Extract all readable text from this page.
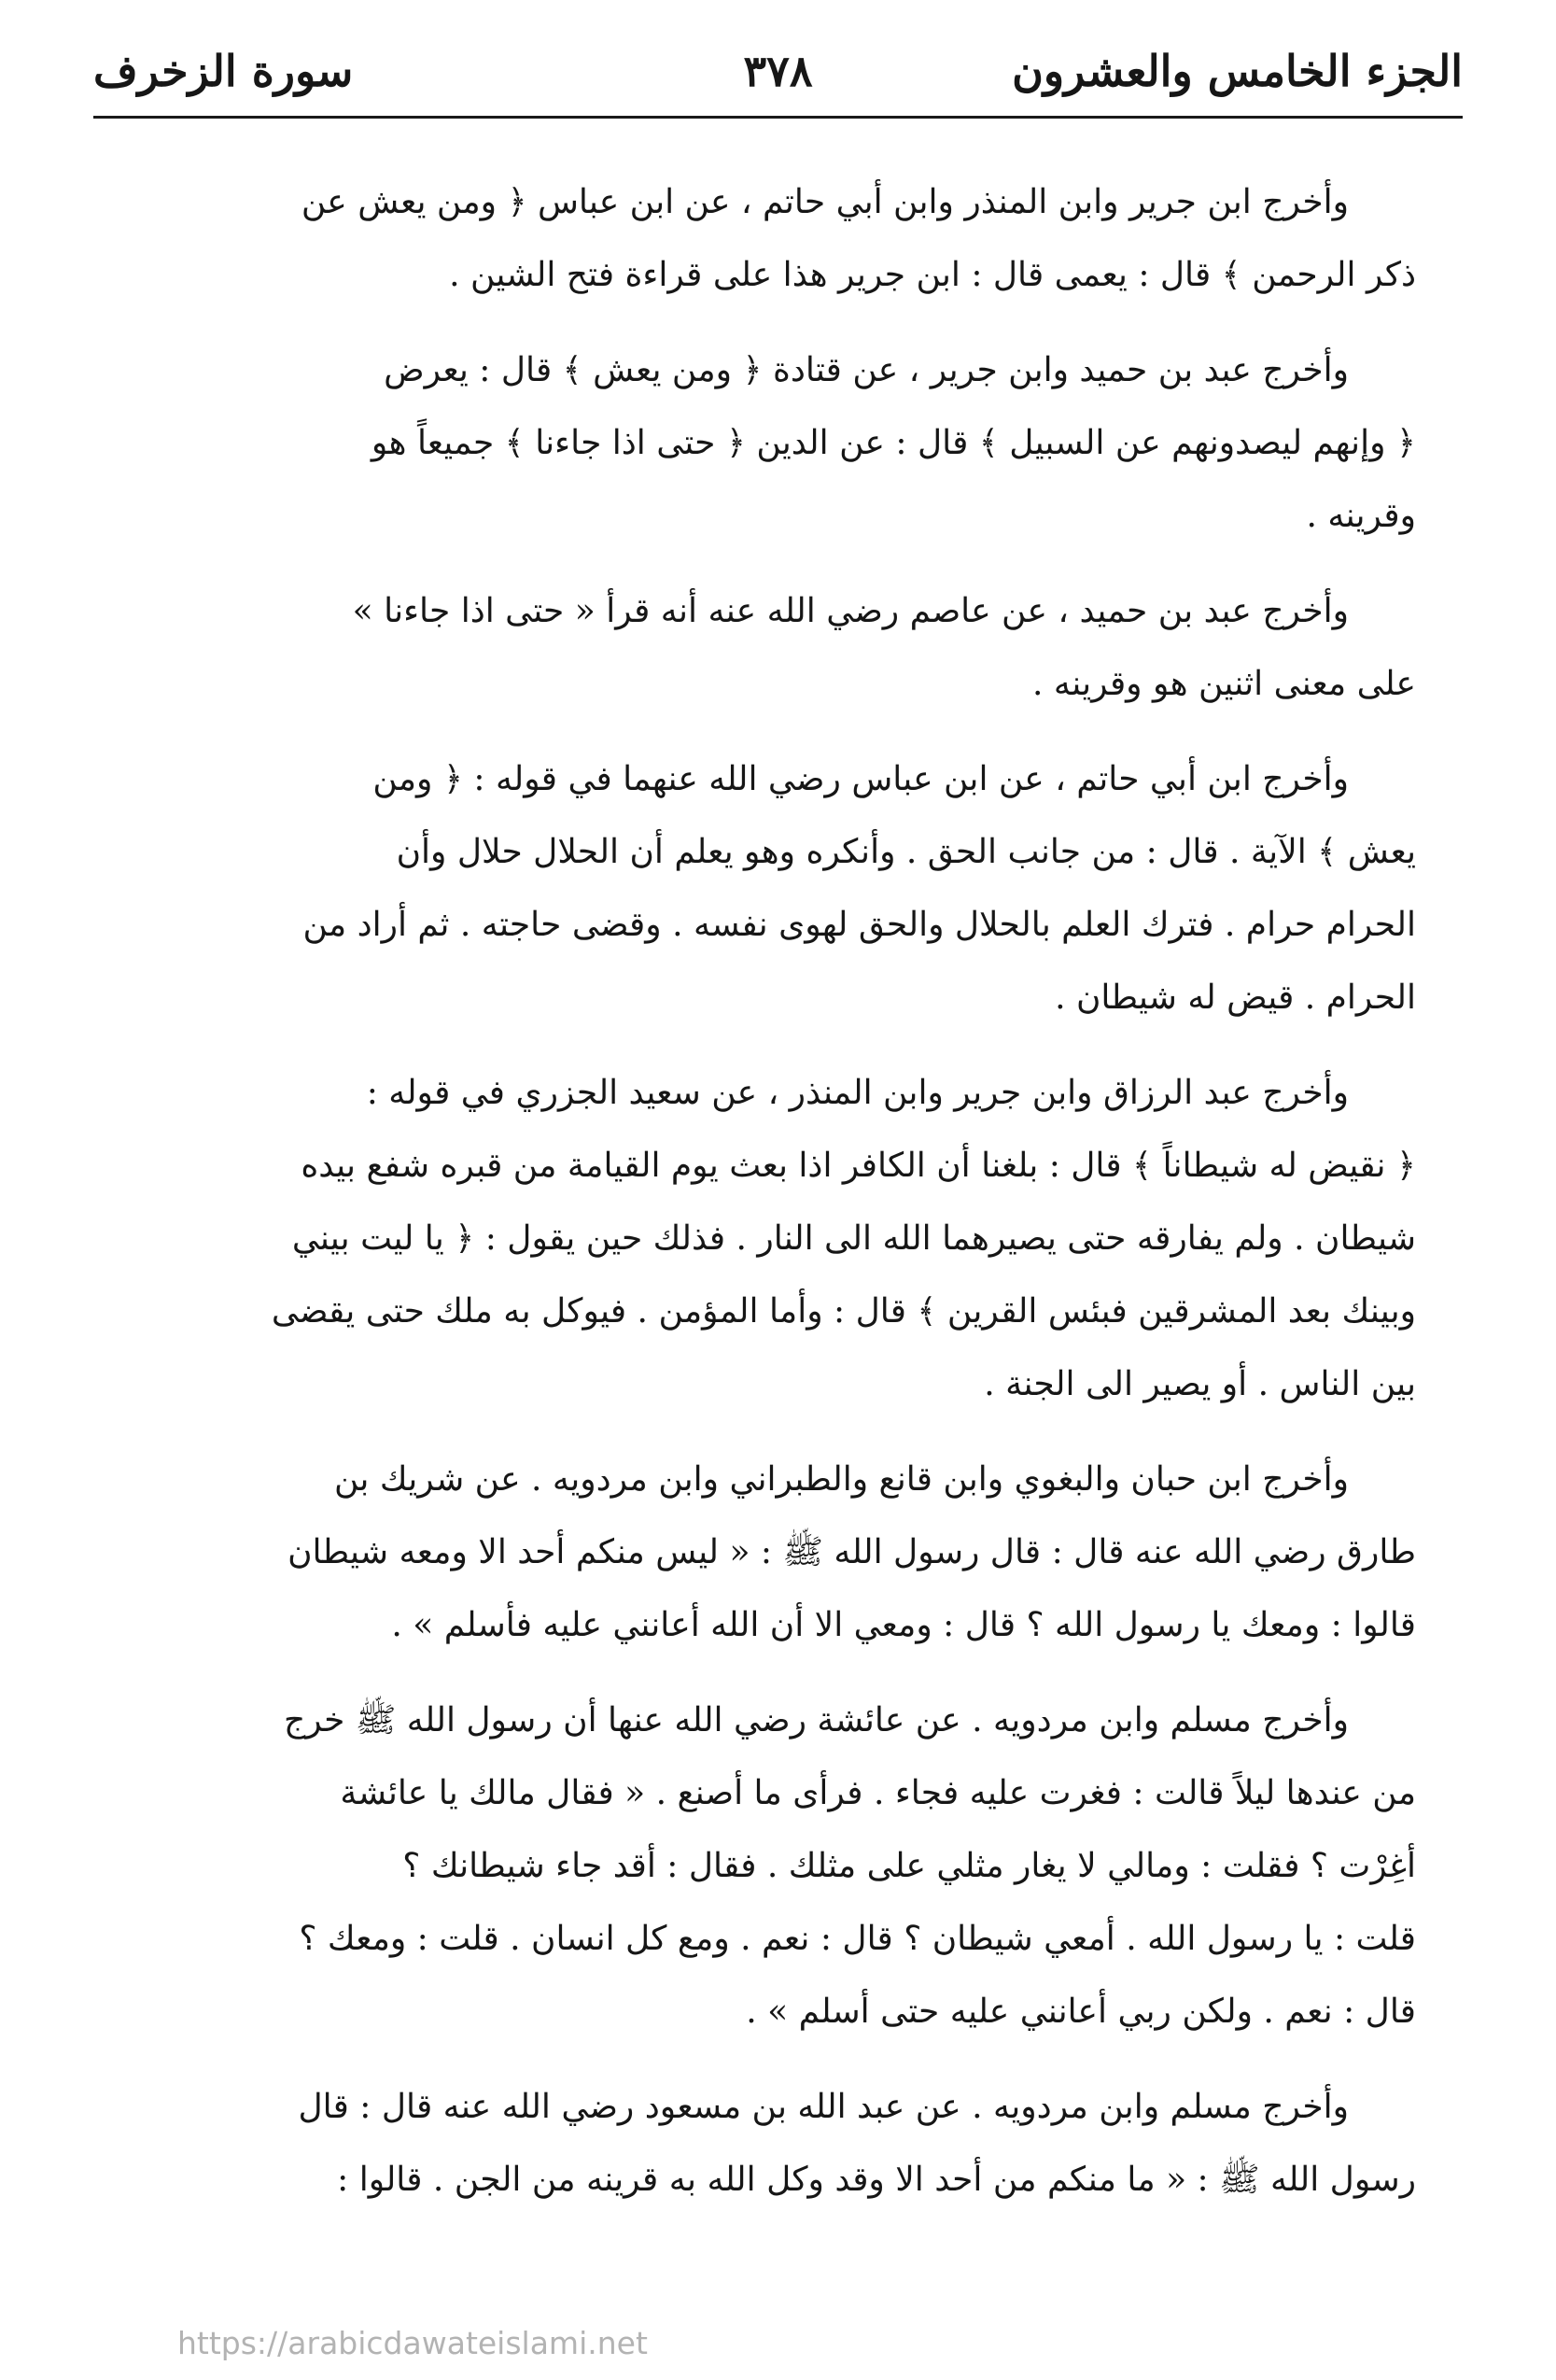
الجزء الخامس والعشرون
٣٧٨
سورة الزخرف

وأخرج ابن جرير وابن المنذر وابن أبي حاتم ، عن ابن عباس ﴿ ومن يعش عن
ذكر الرحمن ﴾ قال : يعمى قال : ابن جرير هذا على قراءة فتح الشين .

وأخرج عبد بن حميد وابن جرير ، عن قتادة ﴿ ومن يعش ﴾ قال : يعرض
﴿ وإنهم ليصدونهم عن السبيل ﴾ قال : عن الدين ﴿ حتى اذا جاءنا ﴾ جميعاً هو
وقرينه .

وأخرج عبد بن حميد ، عن عاصم رضي الله عنه أنه قرأ « حتى اذا جاءنا »
على معنى اثنين هو وقرينه .

وأخرج ابن أبي حاتم ، عن ابن عباس رضي الله عنهما في قوله : ﴿ ومن
يعش ﴾ الآية . قال : من جانب الحق . وأنكره وهو يعلم أن الحلال حلال وأن
الحرام حرام . فترك العلم بالحلال والحق لهوى نفسه . وقضى حاجته . ثم أراد من
الحرام . قيض له شيطان .

وأخرج عبد الرزاق وابن جرير وابن المنذر ، عن سعيد الجزري في قوله :
﴿ نقيض له شيطاناً ﴾ قال : بلغنا أن الكافر اذا بعث يوم القيامة من قبره شفع بيده
شيطان . ولم يفارقه حتى يصيرهما الله الى النار . فذلك حين يقول : ﴿ يا ليت بيني
وبينك بعد المشرقين فبئس القرين ﴾ قال : وأما المؤمن . فيوكل به ملك حتى يقضى
بين الناس . أو يصير الى الجنة .

وأخرج ابن حبان والبغوي وابن قانع والطبراني وابن مردويه . عن شريك بن
طارق رضي الله عنه قال : قال رسول الله ﷺ : « ليس منكم أحد الا ومعه شيطان
قالوا : ومعك يا رسول الله ؟ قال : ومعي الا أن الله أعانني عليه فأسلم » .

وأخرج مسلم وابن مردويه . عن عائشة رضي الله عنها أن رسول الله ﷺ خرج
من عندها ليلاً قالت : فغرت عليه فجاء . فرأى ما أصنع . « فقال مالك يا عائشة
أغِرْت ؟ فقلت : ومالي لا يغار مثلي على مثلك . فقال : أقد جاء شيطانك ؟
قلت : يا رسول الله . أمعي شيطان ؟ قال : نعم . ومع كل انسان . قلت : ومعك ؟
قال : نعم . ولكن ربي أعانني عليه حتى أسلم » .

وأخرج مسلم وابن مردويه . عن عبد الله بن مسعود رضي الله عنه قال : قال
رسول الله ﷺ : « ما منكم من أحد الا وقد وكل الله به قرينه من الجن . قالوا :

https://arabicdawateislami.net
